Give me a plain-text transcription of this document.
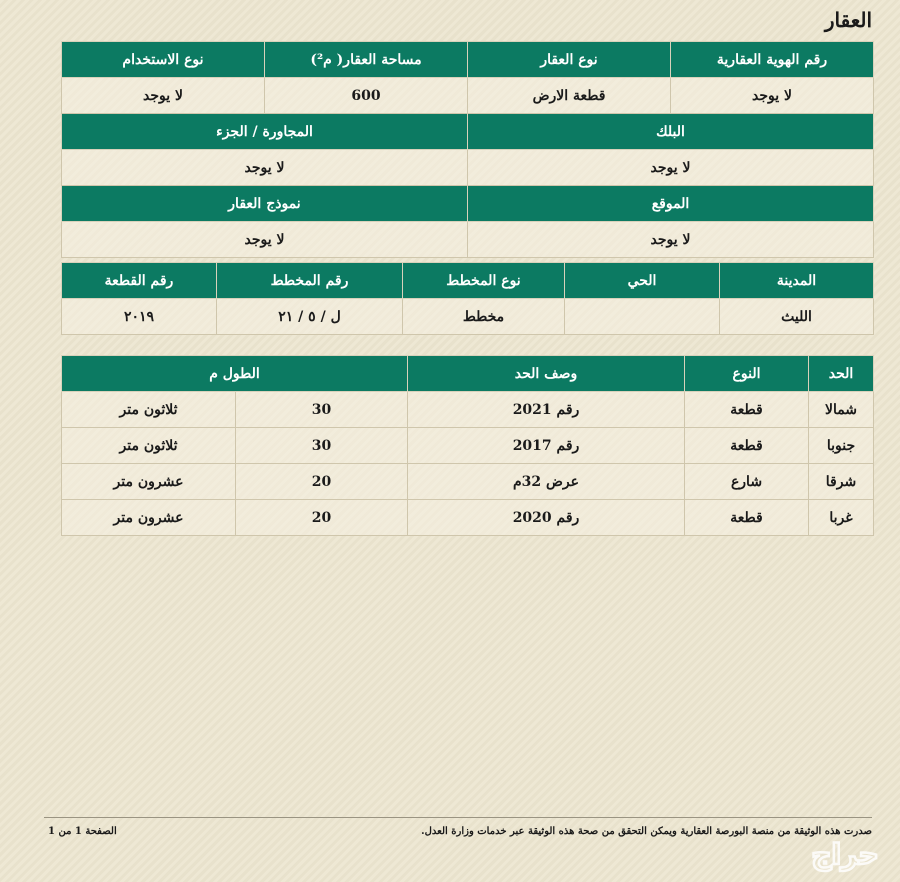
العقار
رقم الهوية العقارية	نوع العقار	مساحة العقار( م²)	نوع الاستخدام
لا يوجد	قطعة الارض	600	لا يوجد
البلك		المجاورة / الجزء	
لا يوجد		لا يوجد	
الموقع		نموذج العقار	
لا يوجد		لا يوجد	
المدينة	الحي	نوع المخطط	رقم المخطط	رقم القطعة
الليث		مخطط	ل / ٥ / ٢١	٢٠١٩
الحد	النوع	وصف الحد	الطول م	
شمالا	قطعة	رقم 2021	30	ثلاثون متر
جنوبا	قطعة	رقم 2017	30	ثلاثون متر
شرقا	شارع	عرض 32م	20	عشرون متر
غربا	قطعة	رقم 2020	20	عشرون متر
صدرت هذه الوثيقة من منصة البورصة العقارية ويمكن التحقق من صحة هذه الوثيقة عبر خدمات وزارة العدل.
الصفحة 1 من 1
حراج
